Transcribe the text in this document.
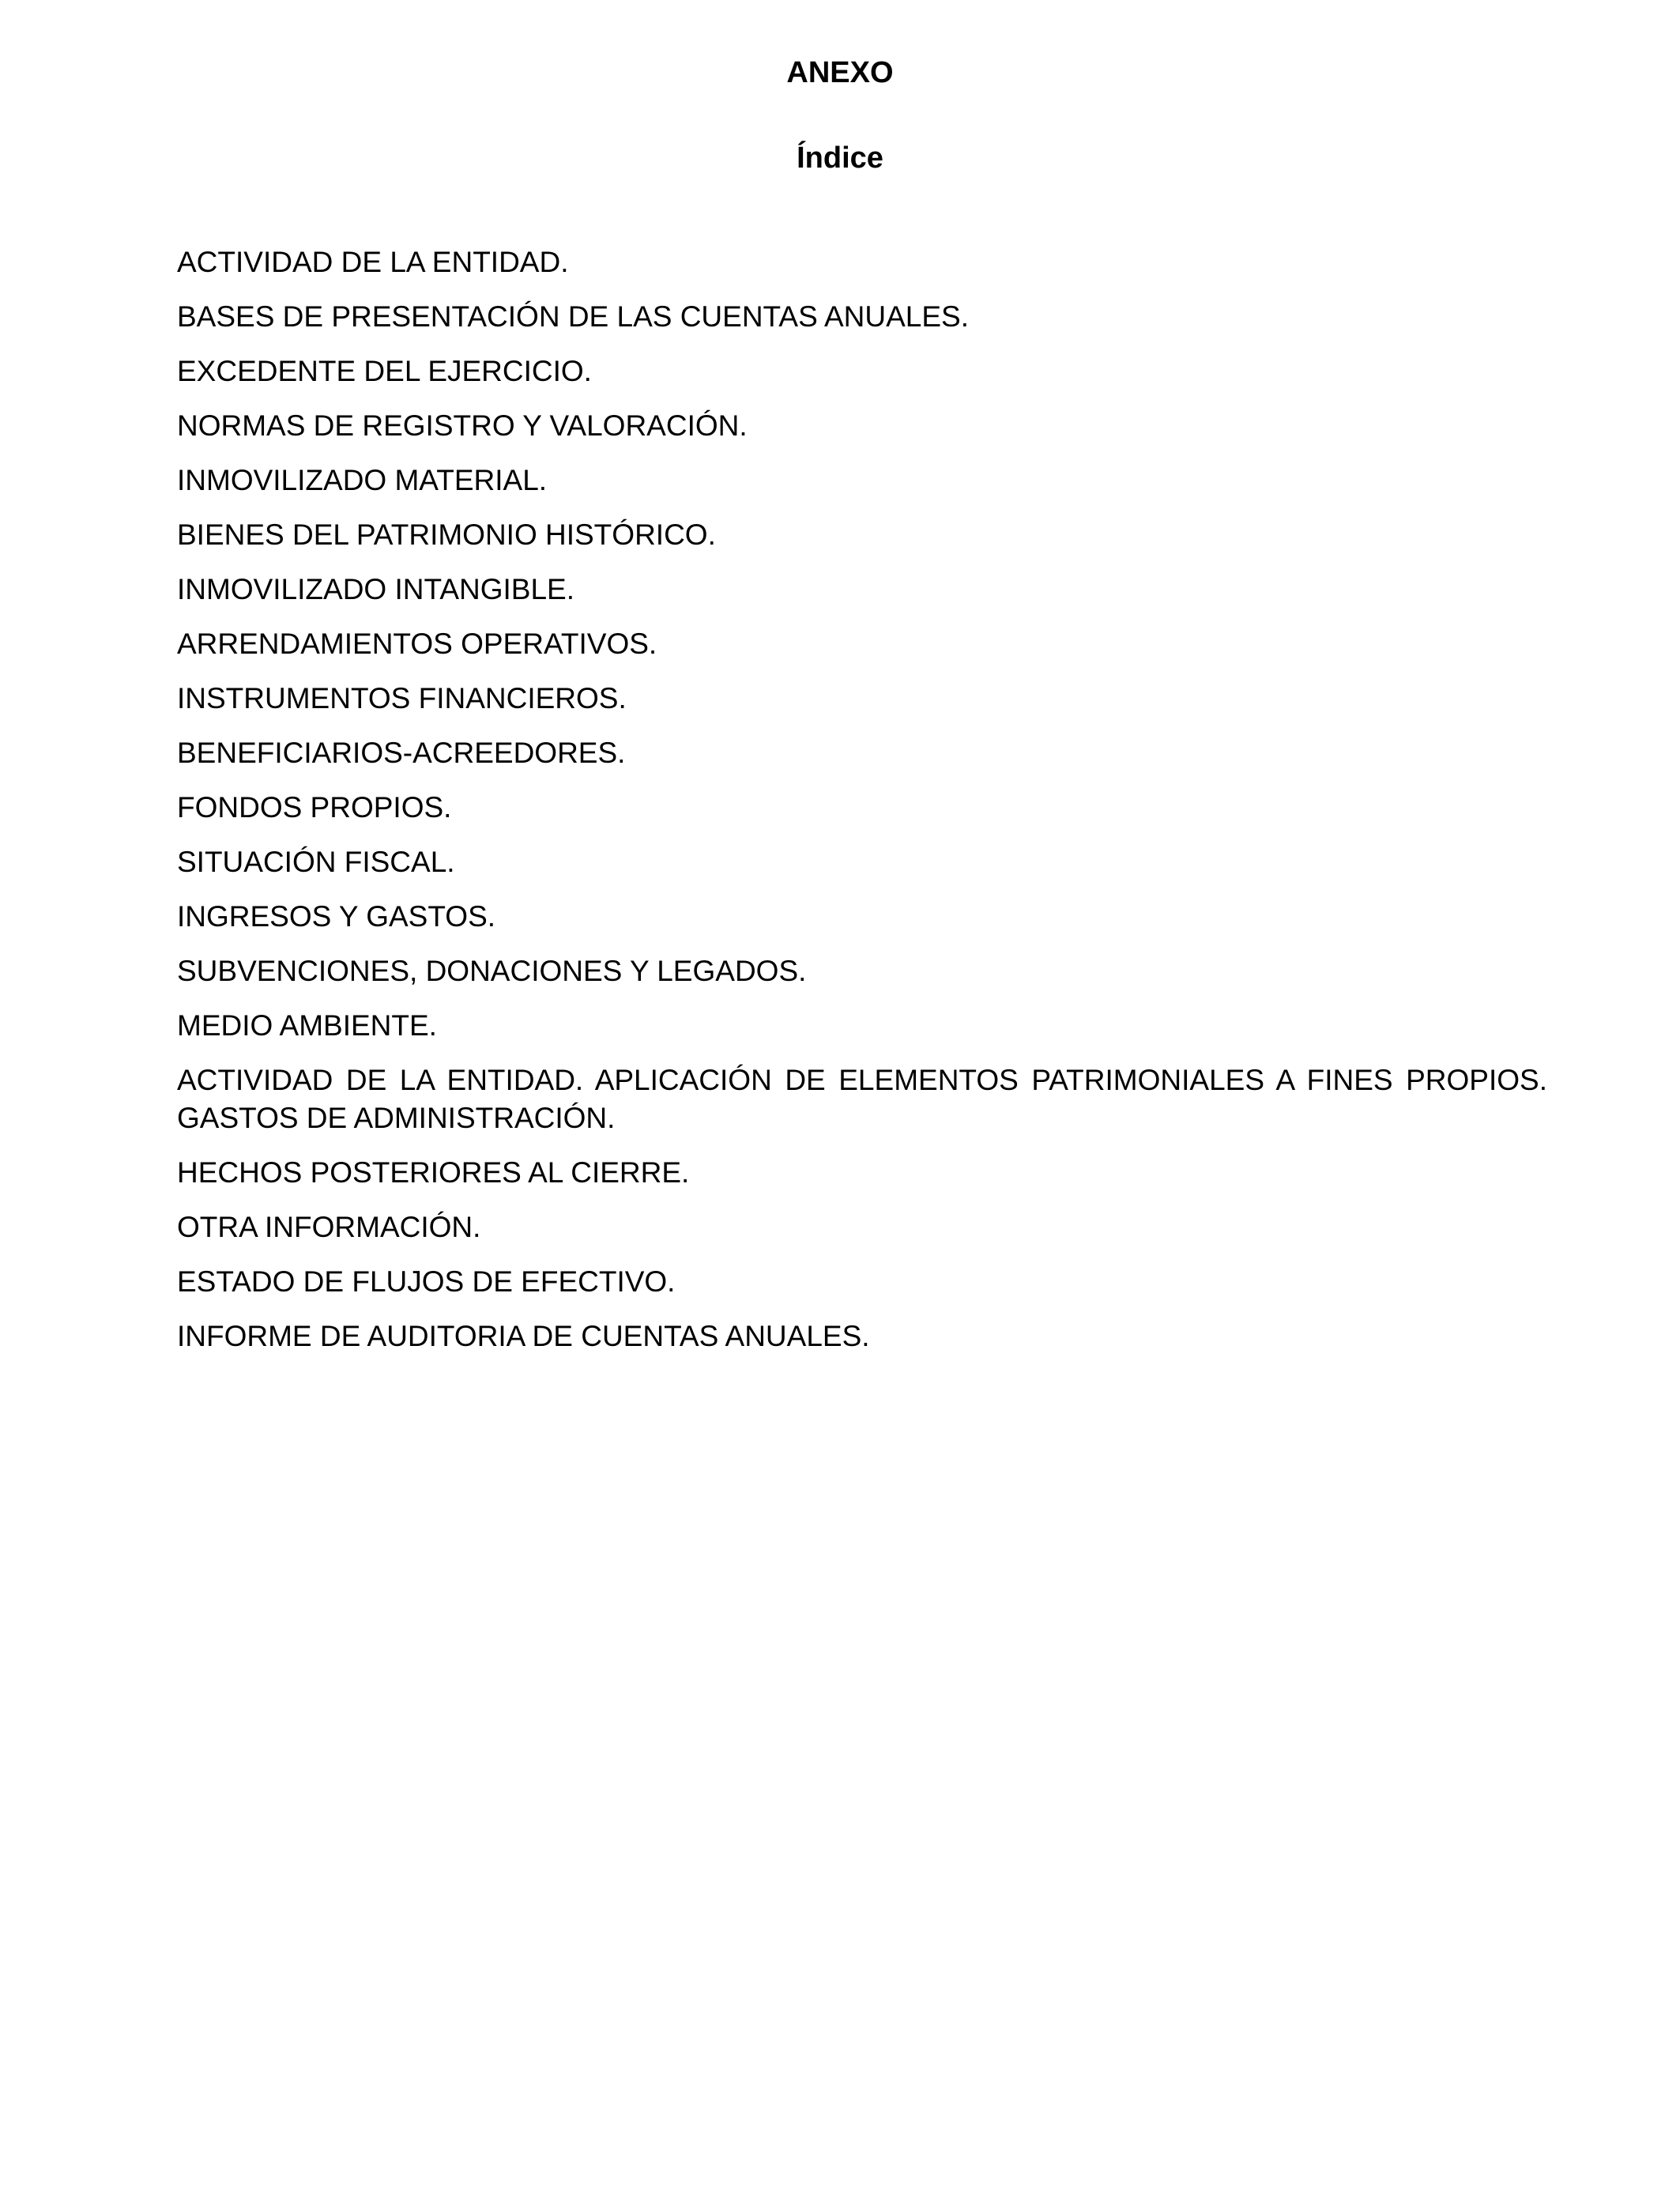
ANEXO
Índice
ACTIVIDAD DE LA ENTIDAD.
BASES DE PRESENTACIÓN DE LAS CUENTAS ANUALES.
EXCEDENTE DEL EJERCICIO.
NORMAS DE REGISTRO Y VALORACIÓN.
INMOVILIZADO MATERIAL.
BIENES DEL PATRIMONIO HISTÓRICO.
INMOVILIZADO INTANGIBLE.
ARRENDAMIENTOS OPERATIVOS.
INSTRUMENTOS FINANCIEROS.
BENEFICIARIOS-ACREEDORES.
FONDOS PROPIOS.
SITUACIÓN FISCAL.
INGRESOS Y GASTOS.
SUBVENCIONES, DONACIONES Y LEGADOS.
MEDIO AMBIENTE.
ACTIVIDAD DE LA ENTIDAD. APLICACIÓN DE ELEMENTOS PATRIMONIALES A FINES PROPIOS. GASTOS DE ADMINISTRACIÓN.
HECHOS POSTERIORES AL CIERRE.
OTRA INFORMACIÓN.
ESTADO DE FLUJOS DE EFECTIVO.
INFORME DE AUDITORIA DE CUENTAS ANUALES.
